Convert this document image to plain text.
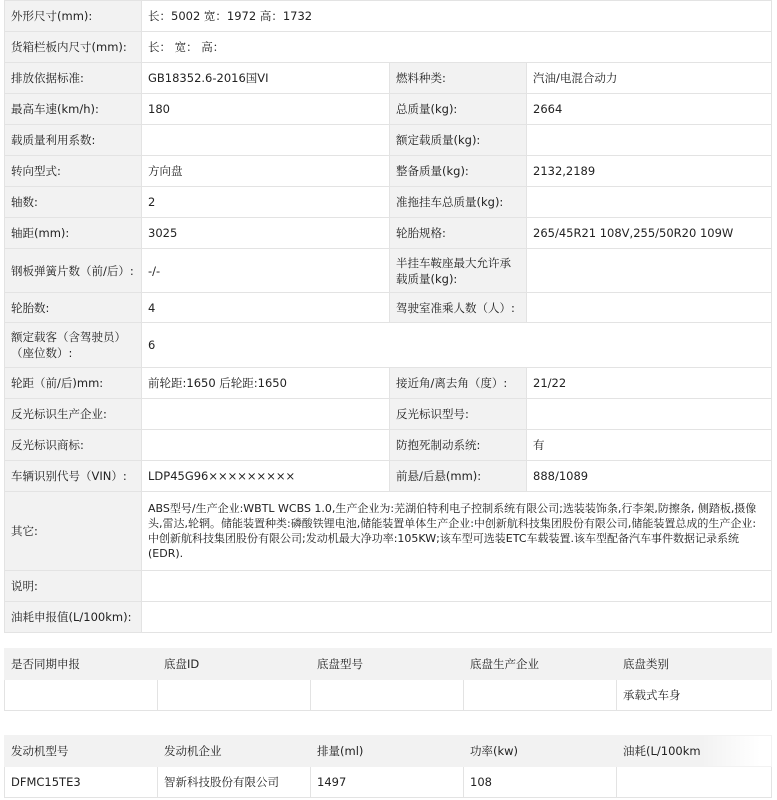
外形尺寸(mm):	长：5002 宽：1972 高：1732		
货箱栏板内尺寸(mm):	长： 宽： 高：		
排放依据标准:	GB18352.6-2016国VI	燃料种类:	汽油/电混合动力
最高车速(km/h):	180	总质量(kg):	2664
载质量利用系数:		额定载质量(kg):	
转向型式:	方向盘	整备质量(kg):	2132,2189
轴数:	2	准拖挂车总质量(kg):	
轴距(mm):	3025	轮胎规格:	265/45R21 108V,255/50R20 109W
钢板弹簧片数（前/后）:	-/-	半挂车鞍座最大允许承载质量(kg):	
轮胎数:	4	驾驶室准乘人数（人）:	
额定载客（含驾驶员）（座位数）:	6		
轮距（前/后)mm:	前轮距:1650 后轮距:1650	接近角/离去角（度）:	21/22
反光标识生产企业:		反光标识型号:	
反光标识商标:		防抱死制动系统:	有
车辆识别代号（VIN）:	LDP45G96×××××××××	前悬/后悬(mm):	888/1089
其它:	ABS型号/生产企业:WBTL WCBS 1.0,生产企业为:芜湖伯特利电子控制系统有限公司;选装装饰条,行李架,防擦条, 侧踏板,摄像头,雷达,轮辋。储能装置种类:磷酸铁锂电池,储能装置单体生产企业:中创新航科技集团股份有限公司,储能装置总成的生产企业:中创新航科技集团股份有限公司;发动机最大净功率:105KW;该车型可选装ETC车载装置.该车型配备汽车事件数据记录系统(EDR).		
说明:			
油耗申报值(L/100km):			
是否同期申报	底盘ID	底盘型号	底盘生产企业	底盘类别
				承载式车身
发动机型号	发动机企业	排量(ml)	功率(kw)	油耗(L/100km

DFMC15TE3	智新科技股份有限公司	1497	108	
